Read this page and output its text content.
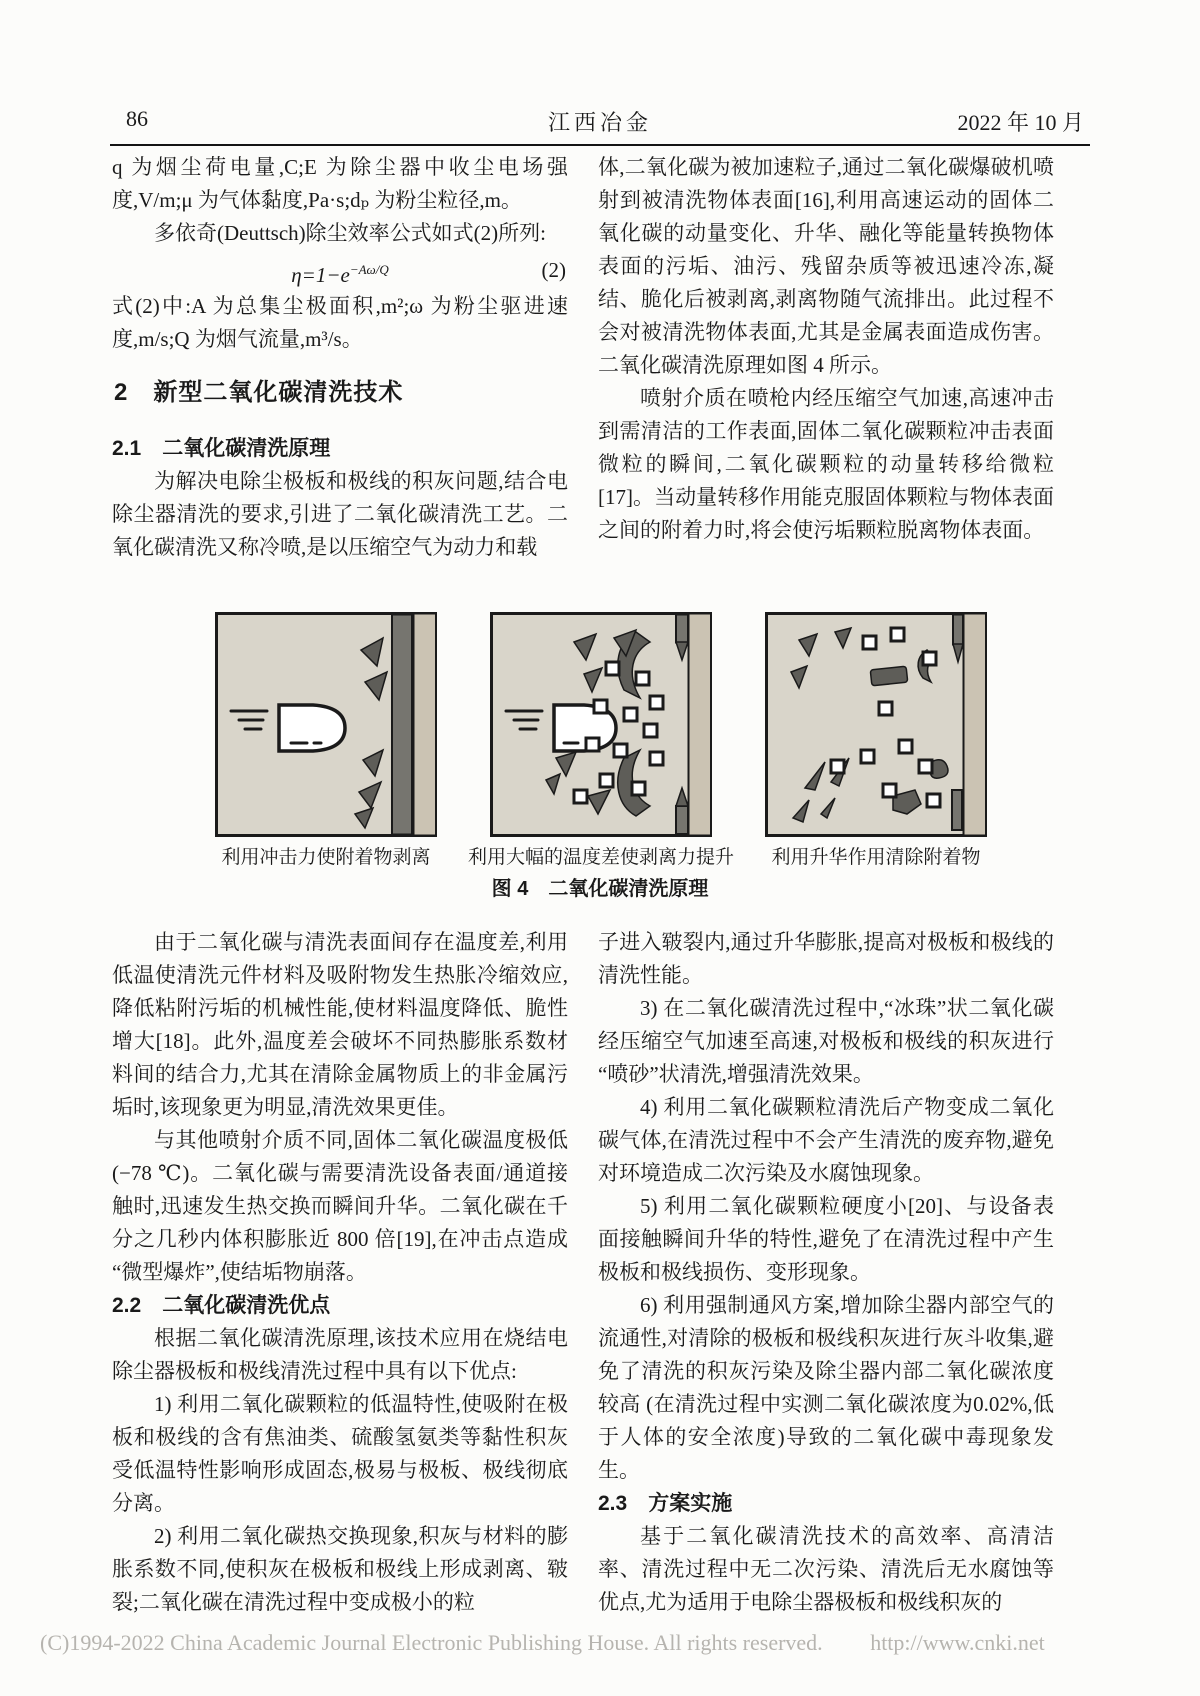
86	江西冶金	2022 年 10 月

q 为烟尘荷电量,C;E 为除尘器中收尘电场强度,V/m;μ 为气体黏度,Pa·s;dₚ 为粉尘粒径,m。

多依奇(Deuttsch)除尘效率公式如式(2)所列:

$\eta=1-e^{-A\omega/Q}$	(2)

式(2)中:A 为总集尘极面积,m²;ω 为粉尘驱进速度,m/s;Q 为烟气流量,m³/s。

2　新型二氧化碳清洗技术

2.1　二氧化碳清洗原理

为解决电除尘极板和极线的积灰问题,结合电除尘器清洗的要求,引进了二氧化碳清洗工艺。二氧化碳清洗又称冷喷,是以压缩空气为动力和载

体,二氧化碳为被加速粒子,通过二氧化碳爆破机喷射到被清洗物体表面[16],利用高速运动的固体二氧化碳的动量变化、升华、融化等能量转换物体表面的污垢、油污、残留杂质等被迅速冷冻,凝结、脆化后被剥离,剥离物随气流排出。此过程不会对被清洗物体表面,尤其是金属表面造成伤害。二氧化碳清洗原理如图 4 所示。

喷射介质在喷枪内经压缩空气加速,高速冲击到需清洁的工作表面,固体二氧化碳颗粒冲击表面微粒的瞬间,二氧化碳颗粒的动量转移给微粒[17]。当动量转移作用能克服固体颗粒与物体表面之间的附着力时,将会使污垢颗粒脱离物体表面。

利用冲击力使附着物剥离 利用大幅的温度差使剥离力提升 利用升华作用清除附着物
图 4　二氧化碳清洗原理

由于二氧化碳与清洗表面间存在温度差,利用低温使清洗元件材料及吸附物发生热胀冷缩效应,降低粘附污垢的机械性能,使材料温度降低、脆性增大[18]。此外,温度差会破坏不同热膨胀系数材料间的结合力,尤其在清除金属物质上的非金属污垢时,该现象更为明显,清洗效果更佳。

与其他喷射介质不同,固体二氧化碳温度极低(−78 ℃)。二氧化碳与需要清洗设备表面/通道接触时,迅速发生热交换而瞬间升华。二氧化碳在千分之几秒内体积膨胀近 800 倍[19],在冲击点造成“微型爆炸”,使结垢物崩落。

2.2　二氧化碳清洗优点

根据二氧化碳清洗原理,该技术应用在烧结电除尘器极板和极线清洗过程中具有以下优点:

1) 利用二氧化碳颗粒的低温特性,使吸附在极板和极线的含有焦油类、硫酸氢氨类等黏性积灰受低温特性影响形成固态,极易与极板、极线彻底分离。

2) 利用二氧化碳热交换现象,积灰与材料的膨胀系数不同,使积灰在极板和极线上形成剥离、皲裂;二氧化碳在清洗过程中变成极小的粒

子进入皲裂内,通过升华膨胀,提高对极板和极线的清洗性能。

3) 在二氧化碳清洗过程中,“冰珠”状二氧化碳经压缩空气加速至高速,对极板和极线的积灰进行“喷砂”状清洗,增强清洗效果。

4) 利用二氧化碳颗粒清洗后产物变成二氧化碳气体,在清洗过程中不会产生清洗的废弃物,避免对环境造成二次污染及水腐蚀现象。

5) 利用二氧化碳颗粒硬度小[20]、与设备表面接触瞬间升华的特性,避免了在清洗过程中产生极板和极线损伤、变形现象。

6) 利用强制通风方案,增加除尘器内部空气的流通性,对清除的极板和极线积灰进行灰斗收集,避免了清洗的积灰污染及除尘器内部二氧化碳浓度较高 (在清洗过程中实测二氧化碳浓度为0.02%,低于人体的安全浓度)导致的二氧化碳中毒现象发生。

2.3　方案实施

基于二氧化碳清洗技术的高效率、高清洁率、清洗过程中无二次污染、清洗后无水腐蚀等优点,尤为适用于电除尘器极板和极线积灰的

(C)1994-2022 China Academic Journal Electronic Publishing House. All rights reserved. http://www.cnki.net
